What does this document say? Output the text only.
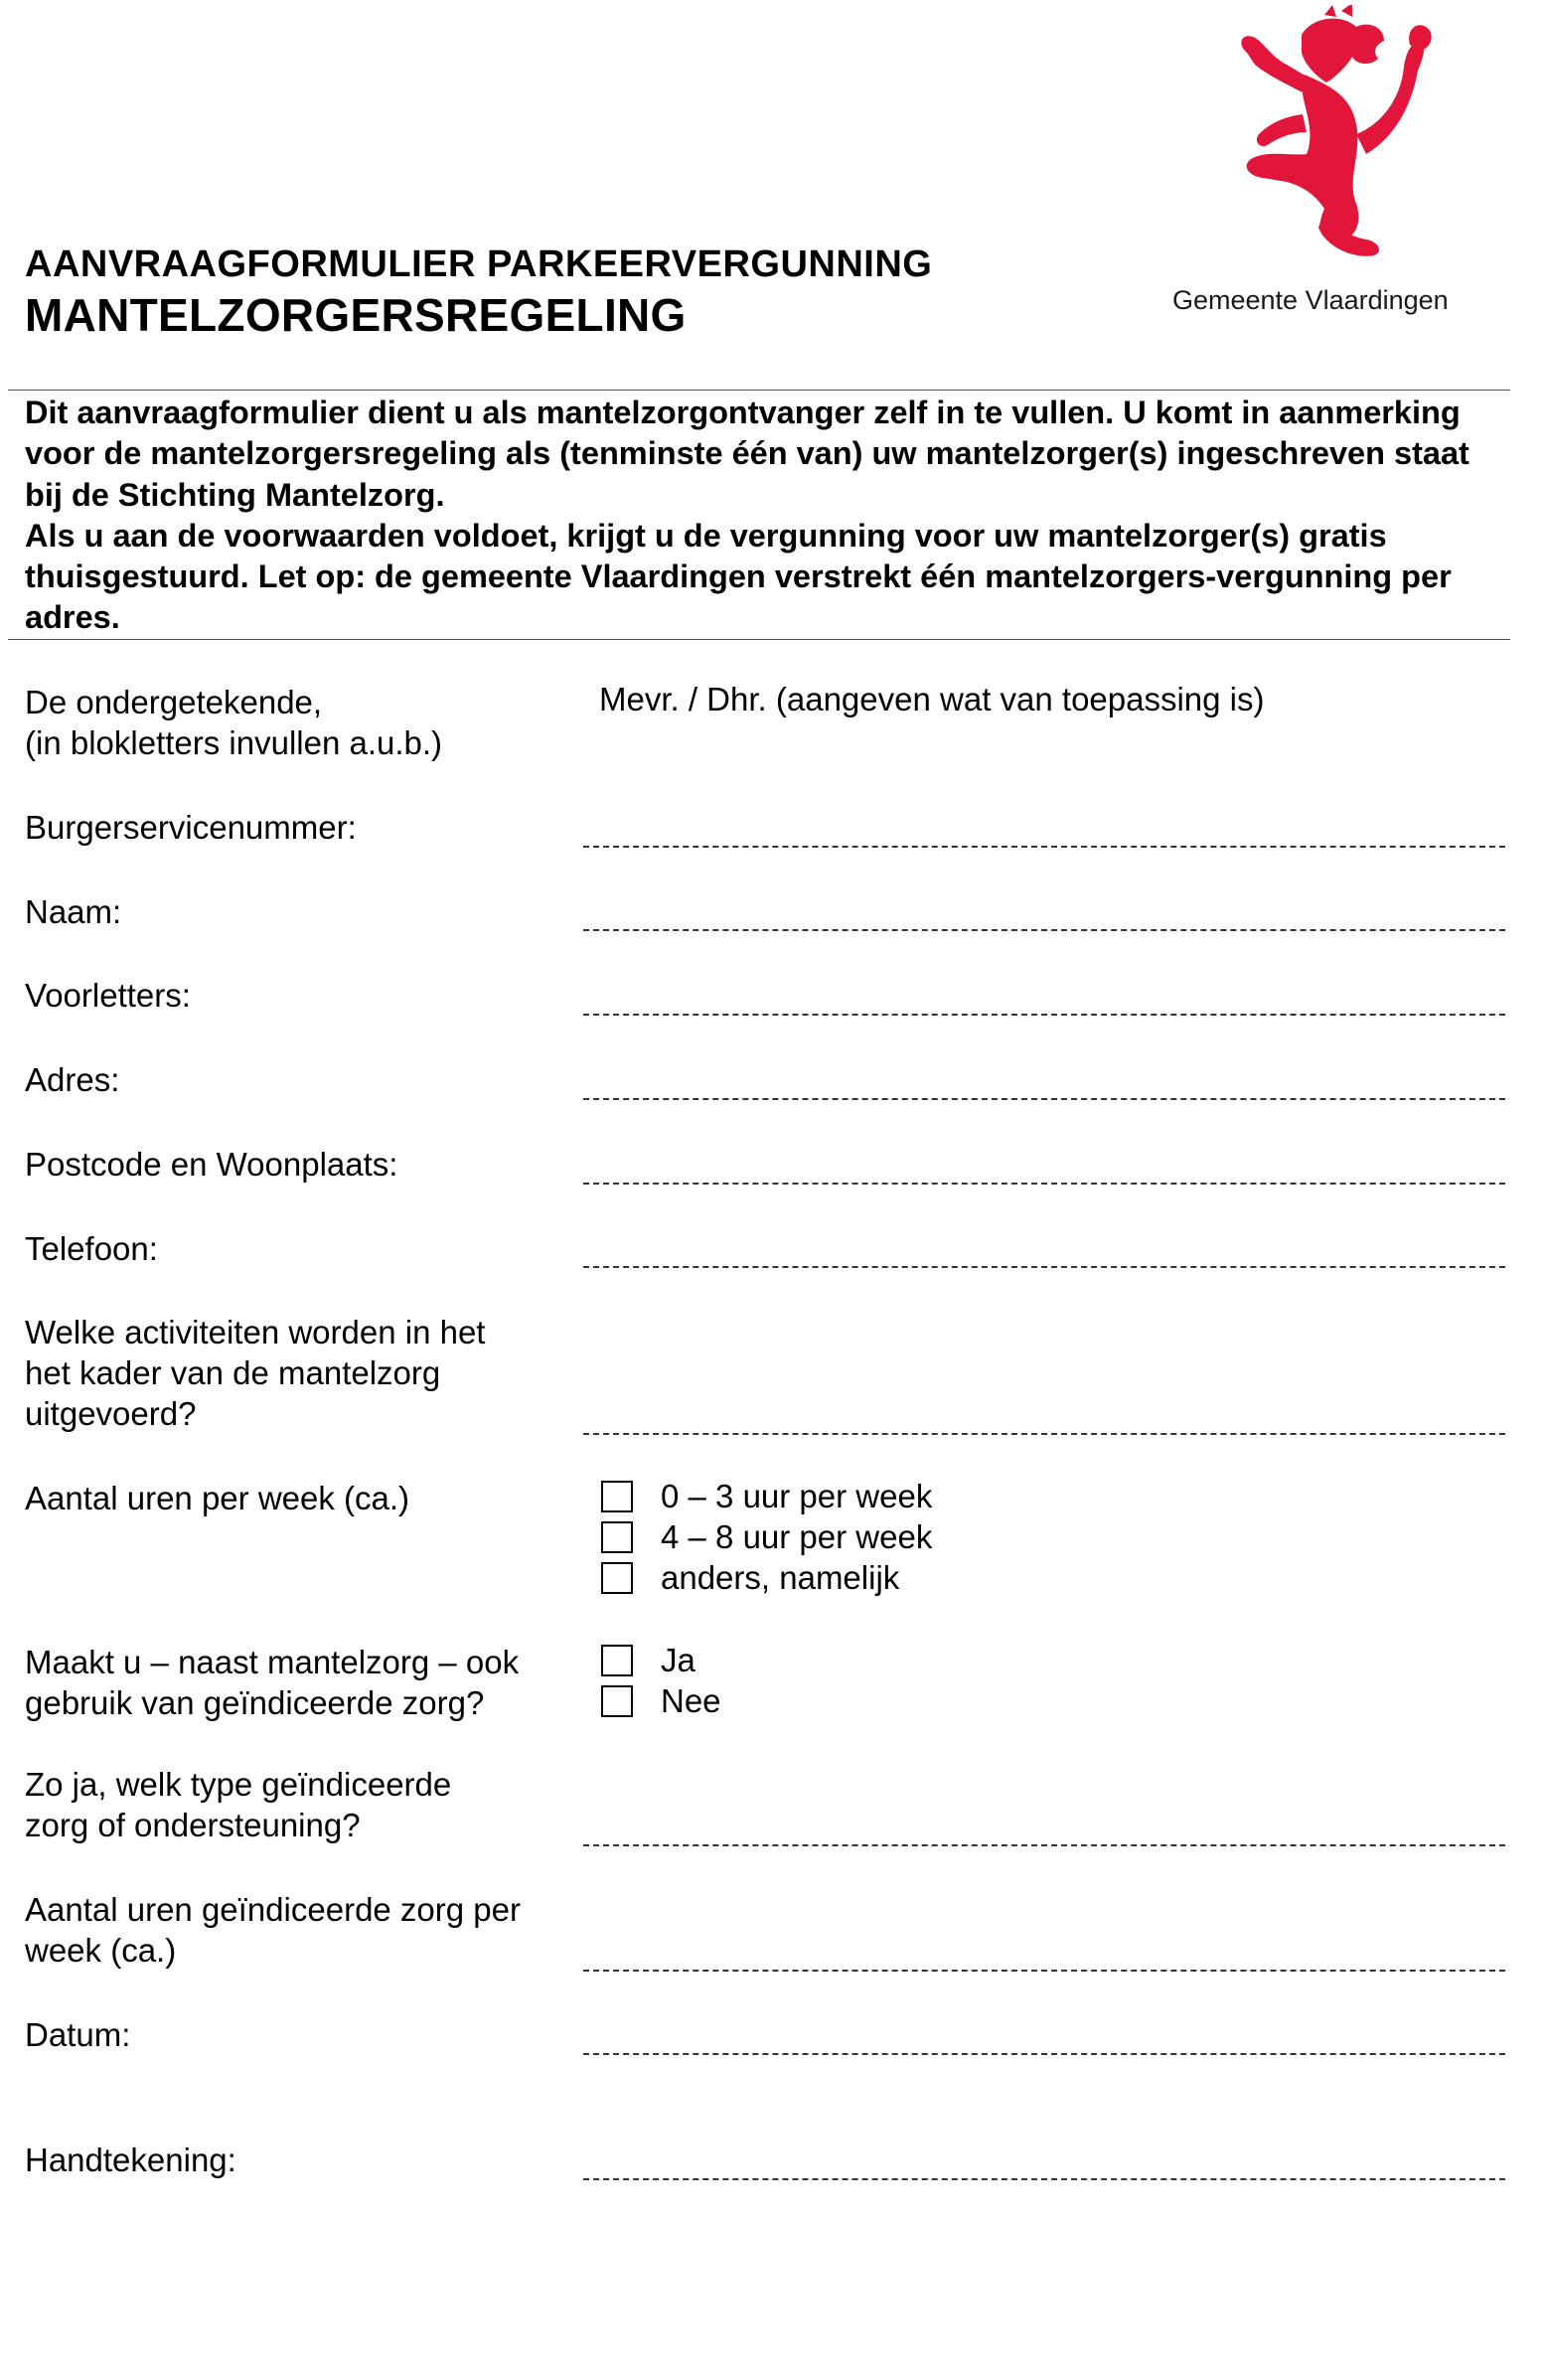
AANVRAAGFORMULIER PARKEERVERGUNNING
MANTELZORGERSREGELING	Gemeente Vlaardingen

Dit aanvraagformulier dient u als mantelzorgontvanger zelf in te vullen. U komt in aanmerking voor de mantelzorgersregeling als (tenminste één van) uw mantelzorger(s) ingeschreven staat bij de Stichting Mantelzorg.

Als u aan de voorwaarden voldoet, krijgt u de vergunning voor uw mantelzorger(s) gratis thuisgestuurd. Let op: de gemeente Vlaardingen verstrekt één mantelzorgers-vergunning per adres.

De ondergetekende,
(in blokletters invullen a.u.b.)
Mevr. / Dhr. (aangeven wat van toepassing is)
Burgerservicenummer:
Naam:
Voorletters:
Adres:
Postcode en Woonplaats:
Telefoon:
Welke activiteiten worden in het
het kader van de mantelzorg
uitgevoerd?
Aantal uren per week (ca.)	0 – 3 uur per week
4 – 8 uur per week
anders, namelijk
Maakt u – naast mantelzorg – ook
gebruik van geïndiceerde zorg?
Ja
Nee
Zo ja, welk type geïndiceerde
zorg of ondersteuning?
Aantal uren geïndiceerde zorg per
week (ca.)
Datum:
Handtekening:
